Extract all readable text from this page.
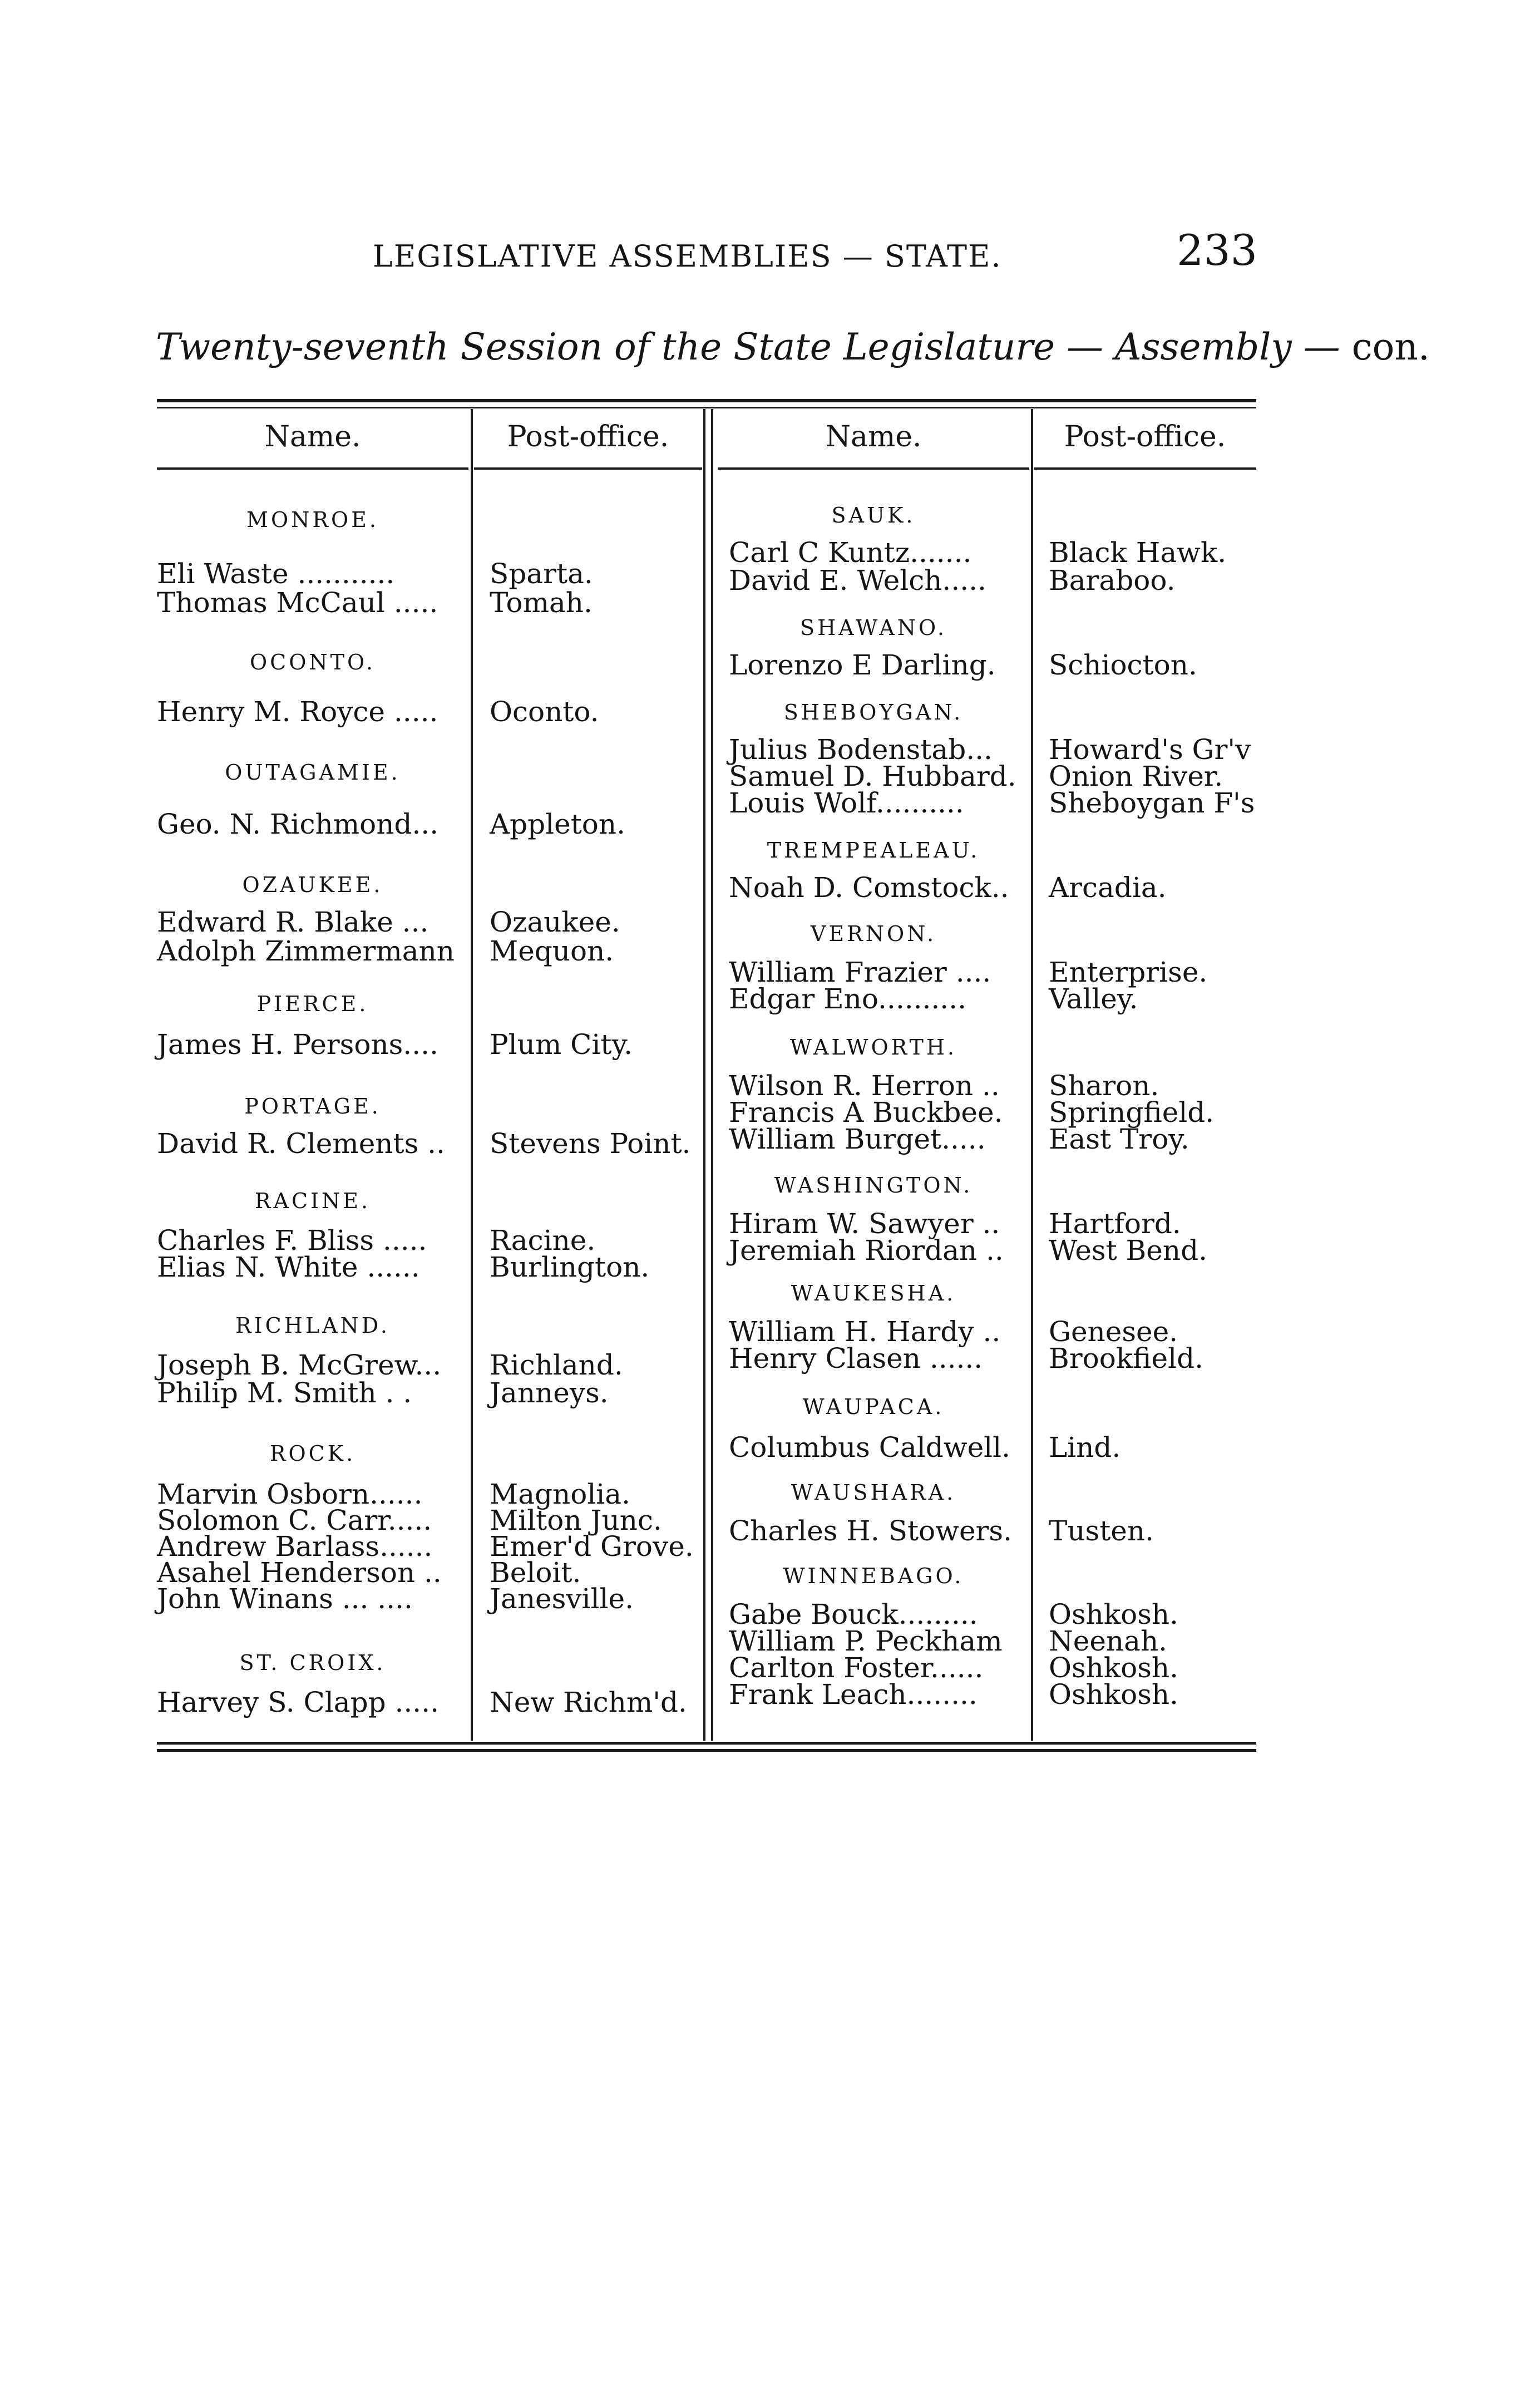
LEGISLATIVE ASSEMBLIES — STATE.	233
Twenty-seventh Session of the State Legislature — Assembly — con.
Name.	Post-office.	Name.	Post-office.
MONROE.
Eli Waste ...........	Sparta.
Thomas McCaul ..... Tomah.
OCONTO.
Henry M. Royce ..... Oconto.
OUTAGAMIE.
Geo. N. Richmond... Appleton.
OZAUKEE.
Edward R. Blake ... Ozaukee.
Adolph Zimmermann Mequon.
PIERCE.
James H. Persons.... Plum City.
PORTAGE.
David R. Clements .. Stevens Point.
RACINE.
Charles F. Bliss ..... Racine.
Elias N. White ......	Burlington.
RICHLAND.
Joseph B. McGrew... Richland.
Philip M. Smith . .	Janneys.
ROCK.
Marvin Osborn...... Magnolia.
Solomon C. Carr..... Milton Junc.
Andrew Barlass...... Emer'd Grove.
Asahel Henderson .. Beloit.
John Winans ... ....	Janesville.
ST. CROIX.
Harvey S. Clapp ..... New Richm'd.
SAUK.
Carl C Kuntz.......	Black Hawk.
David E. Welch..... Baraboo.
SHAWANO.
Lorenzo E Darling. Schiocton.
SHEBOYGAN.
Julius Bodenstab... Howard's Gr'v
Samuel D. Hubbard. Onion River.
Louis Wolf..........	Sheboygan F's
TREMPEALEAU.
Noah D. Comstock.. Arcadia.
VERNON.
William Frazier .... Enterprise.
Edgar Eno..........	Valley.
WALWORTH.
Wilson R. Herron .. Sharon.
Francis A Buckbee. Springfield.
William Burget..... East Troy.
WASHINGTON.
Hiram W. Sawyer .. Hartford.
Jeremiah Riordan .. West Bend.
WAUKESHA.
William H. Hardy .. Genesee.
Henry Clasen ...... Brookfield.
WAUPACA.
Columbus Caldwell. Lind.
WAUSHARA.
Charles H. Stowers. Tusten.
WINNEBAGO.
Gabe Bouck.........	Oshkosh.
William P. Peckham Neenah.
Carlton Foster...... Oshkosh.
Frank Leach........	Oshkosh.
